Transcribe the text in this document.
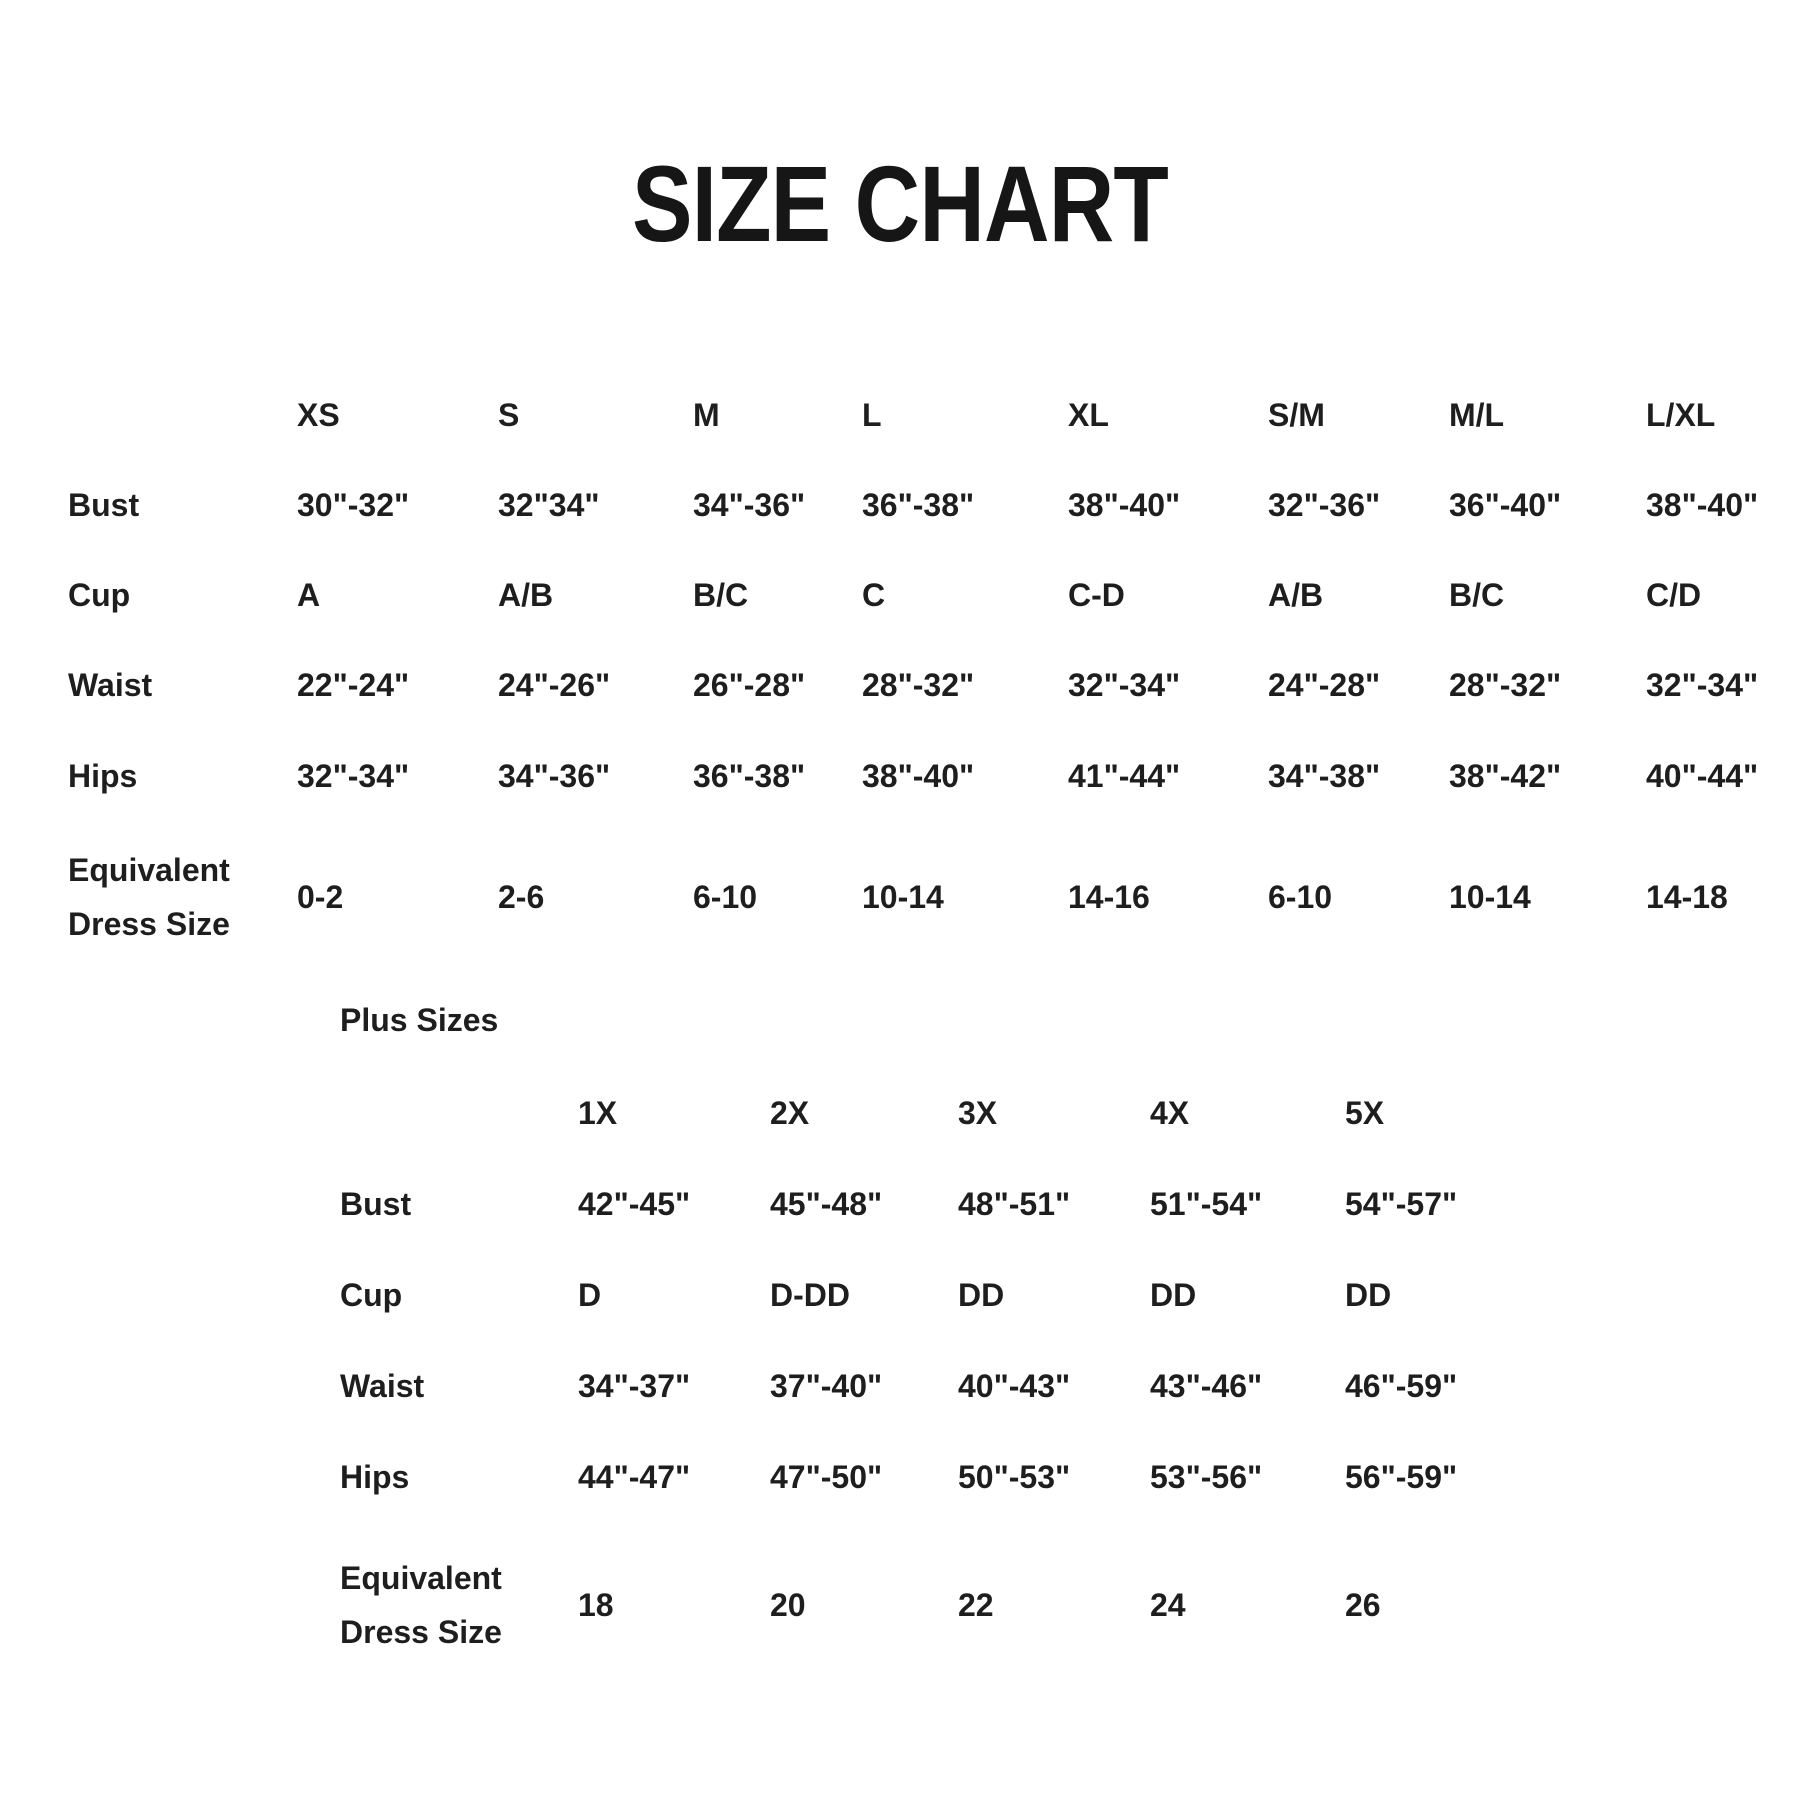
SIZE CHART
XS	S	M	L	XL	S/M	M/L	L/XL
Bust	30"-32"	32"34"	34"-36"	36"-38"	38"-40"	32"-36"	36"-40"	38"-40"
Cup	A	A/B	B/C	C	C-D	A/B	B/C	C/D
Waist	22"-24"	24"-26"	26"-28"	28"-32"	32"-34"	24"-28"	28"-32"	32"-34"
Hips	32"-34"	34"-36"	36"-38"	38"-40"	41"-44"	34"-38"	38"-42"	40"-44"
Equivalent
Dress Size
0-2	2-6	6-10	10-14	14-16	6-10	10-14	14-18
Plus Sizes
1X	2X	3X	4X	5X
Bust	42"-45"	45"-48"	48"-51"	51"-54"	54"-57"
Cup	D	D-DD	DD	DD	DD
Waist	34"-37"	37"-40"	40"-43"	43"-46"	46"-59"
Hips	44"-47"	47"-50"	50"-53"	53"-56"	56"-59"
Equivalent
Dress Size
18	20	22	24	26
